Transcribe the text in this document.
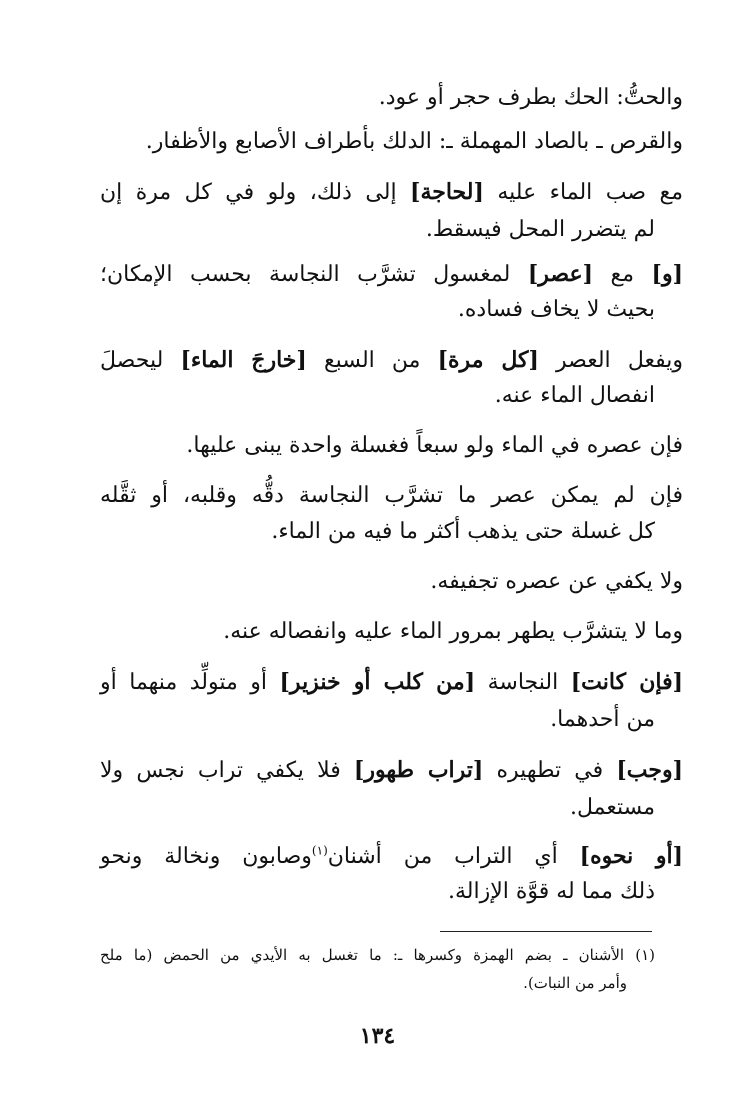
والحتُّ: الحك بطرف حجر أو عود.
والقرص ـ بالصاد المهملة ـ: الدلك بأطراف الأصابع والأظفار.
مع صب الماء عليه [لحاجة] إلى ذلك، ولو في كل مرة إن
لم يتضرر المحل فيسقط.
[و] مع [عصر] لمغسول تشرَّب النجاسة بحسب الإمكان؛
بحيث لا يخاف فساده.
ويفعل العصر [كل مرة] من السبع [خارجَ الماء] ليحصلَ
انفصال الماء عنه.
فإن عصره في الماء ولو سبعاً فغسلة واحدة يبنى عليها.
فإن لم يمكن عصر ما تشرَّب النجاسة دقُّه وقلبه، أو ثقَّله
كل غسلة حتى يذهب أكثر ما فيه من الماء.
ولا يكفي عن عصره تجفيفه.
وما لا يتشرَّب يطهر بمرور الماء عليه وانفصاله عنه.
[فإن كانت] النجاسة [من كلب أو خنزير] أو متولِّد منهما أو
من أحدهما.
[وجب] في تطهيره [تراب طهور] فلا يكفي تراب نجس ولا
مستعمل.
[أو نحوه] أي التراب من أشنان$^{(١)}$وصابون ونخالة ونحو
ذلك مما له قوَّة الإزالة.
(١) الأشنان ـ بضم الهمزة وكسرها ـ: ما تغسل به الأيدي من الحمض (ما ملح
وأمر من النبات).
١٣٤
